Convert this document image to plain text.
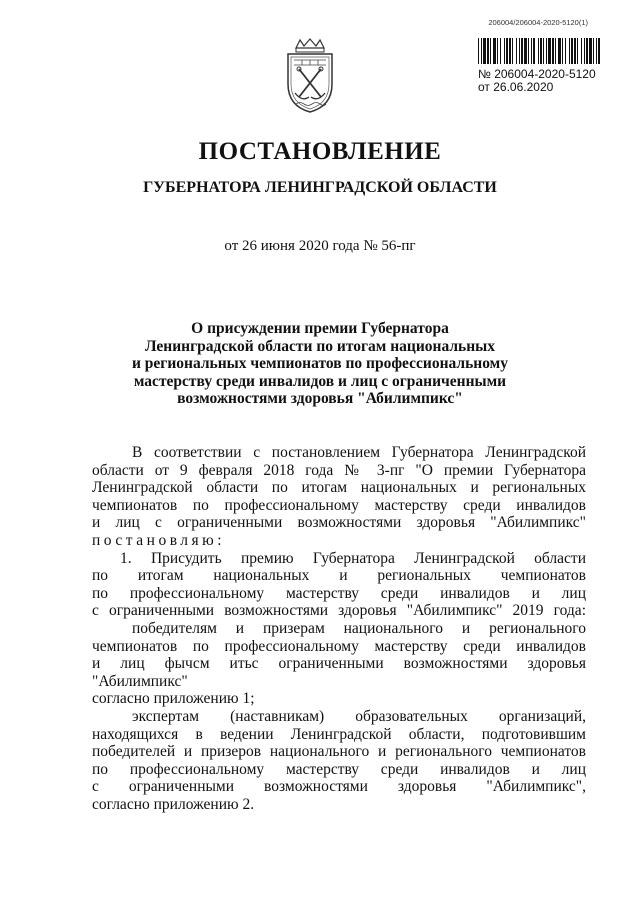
206004/206004-2020-5120(1)
№ 206004-2020-5120
от 26.06.2020
ПОСТАНОВЛЕНИЕ
ГУБЕРНАТОРА ЛЕНИНГРАДСКОЙ ОБЛАСТИ
от 26 июня 2020 года № 56-пг
О присуждении премии Губернатора
Ленинградской области по итогам национальных
и региональных чемпионатов по профессиональному
мастерству среди инвалидов и лиц с ограниченными
возможностями здоровья "Абилимпикс"

В соответствии с постановлением Губернатора Ленинградской

области от 9 февраля 2018 года № 3-пг "О премии Губернатора

Ленинградской области по итогам национальных и региональных

чемпионатов по профессиональному мастерству среди инвалидов

и лиц с ограниченными возможностями здоровья "Абилимпикс"

постановляю:

1. Присудить премию Губернатора Ленинградской области

по итогам национальных и региональных чемпионатов

по профессиональному мастерству среди инвалидов и лиц

с ограниченными возможностями здоровья "Абилимпикс" 2019 года:

победителям и призерам национального и регионального

чемпионатов по профессиональному мастерству среди инвалидов

и лиц фычсм итьс ограниченными возможностями здоровья "Абилимпикс"

согласно приложению 1;

экспертам (наставникам) образовательных организаций,

находящихся в ведении Ленинградской области, подготовившим

победителей и призеров национального и регионального чемпионатов

по профессиональному мастерству среди инвалидов и лиц

с ограниченными возможностями здоровья "Абилимпикс",

согласно приложению 2.
